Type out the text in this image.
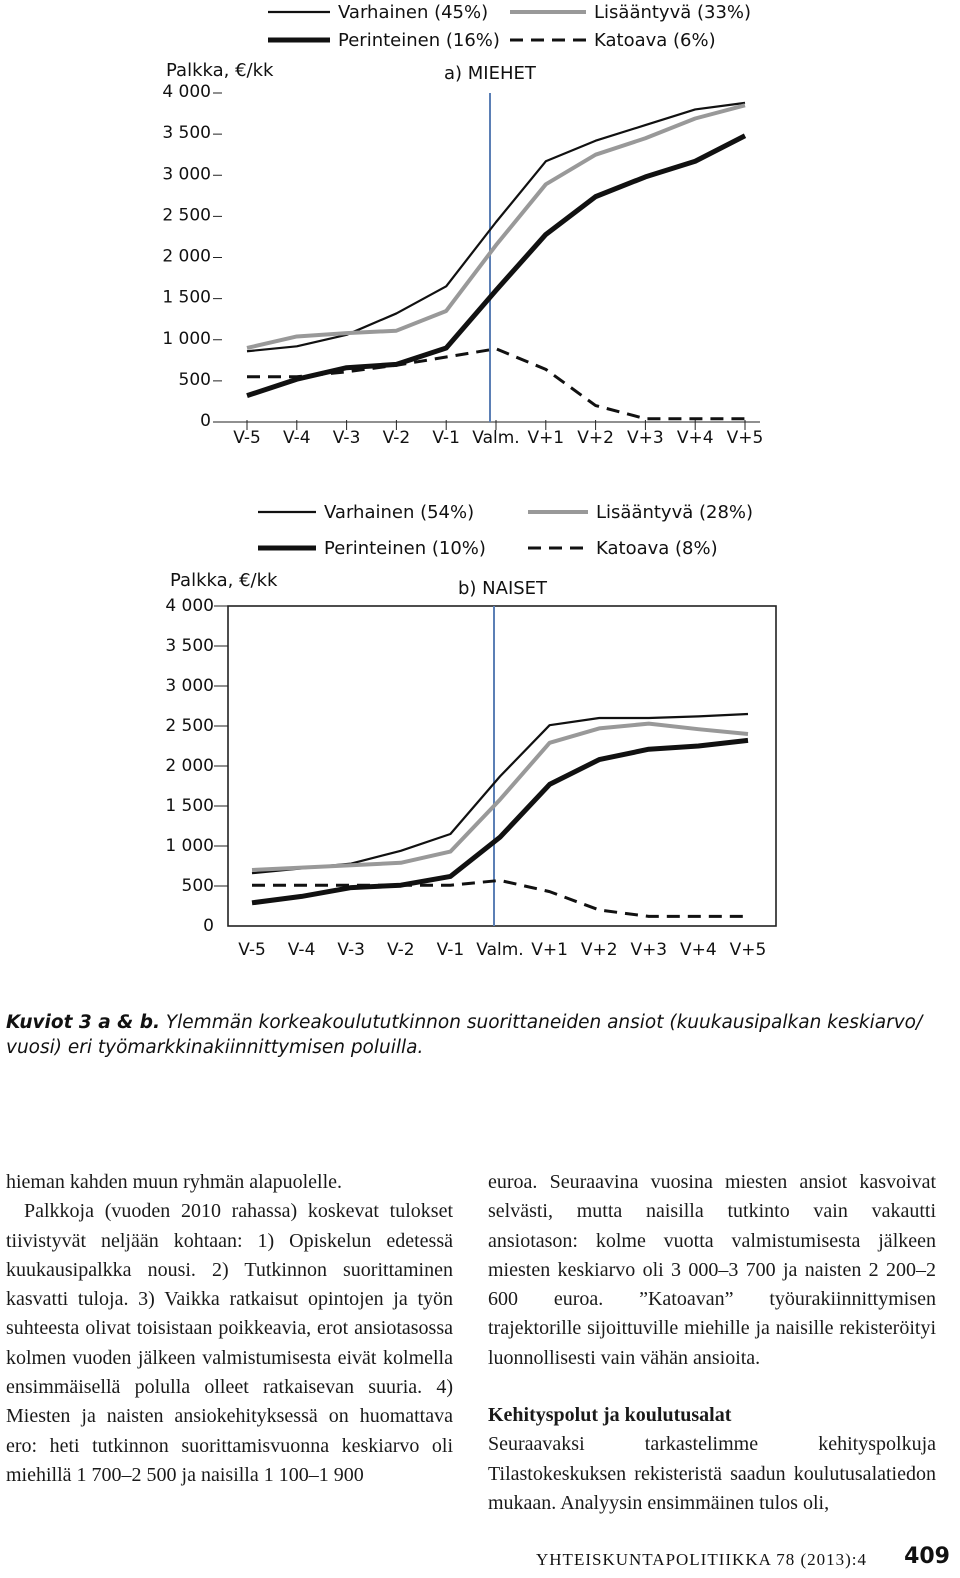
Varhainen (45%)	Lisääntyvä (33%)
Perinteinen (16%)	Katoava (6%)
a) MIEHET
Palkka, €/kk
0
500
1 000
1 500
2 000
2 500
3 000
3 500
4 000
V-5 V-4 V-3 V-2 V-1 Valm. V+1 V+2 V+3 V+4 V+5
Varhainen (54%)	Lisääntyvä (28%)
Perinteinen (10%)	Katoava (8%)
b) NAISET
Palkka, €/kk
0
500
1 000
1 500
2 000
2 500
3 000
3 500
4 000
V-5 V-4 V-3 V-2 V-1 Valm. V+1 V+2 V+3 V+4 V+5

Kuviot 3 a & b. Ylemmän korkeakoulututkinnon suorittaneiden ansiot (kuukausipalkan keskiarvo/ vuosi) eri työmarkkinakiinnittymisen poluilla.

hieman kahden muun ryhmän alapuolelle.

Palkkoja (vuoden 2010 rahassa) koskevat tulokset tiivistyvät neljään kohtaan: 1) Opiskelun edetessä kuukausipalkka nousi. 2) Tutkinnon suorittaminen kasvatti tuloja. 3) Vaikka ratkaisut opintojen ja työn suhteesta olivat toisistaan poikkeavia, erot ansiotasossa kolmen vuoden jälkeen valmistumisesta eivät kolmella ensimmäisellä polulla olleet ratkaisevan suuria. 4) Miesten ja naisten ansiokehityksessä on huomattava ero: heti tutkinnon suorittamisvuonna keskiarvo oli miehillä 1 700–2 500 ja naisilla 1 100–1 900

euroa. Seuraavina vuosina miesten ansiot kasvoivat selvästi, mutta naisilla tutkinto vain vakautti ansiotason: kolme vuotta valmistumisesta jälkeen miesten keskiarvo oli 3 000–3 700 ja naisten 2 200–2 600 euroa. ”Katoavan” työurakiinnittymisen trajektorille sijoittuville miehille ja naisille rekisteröityi luonnollisesti vain vähän ansioita.

Kehityspolut ja koulutusalat

Seuraavaksi tarkastelimme kehityspolkuja Tilastokeskuksen rekisteristä saadun koulutusalatiedon mukaan. Analyysin ensimmäinen tulos oli,

YHTEISKUNTAPOLITIIKKA 78 (2013):4 409
